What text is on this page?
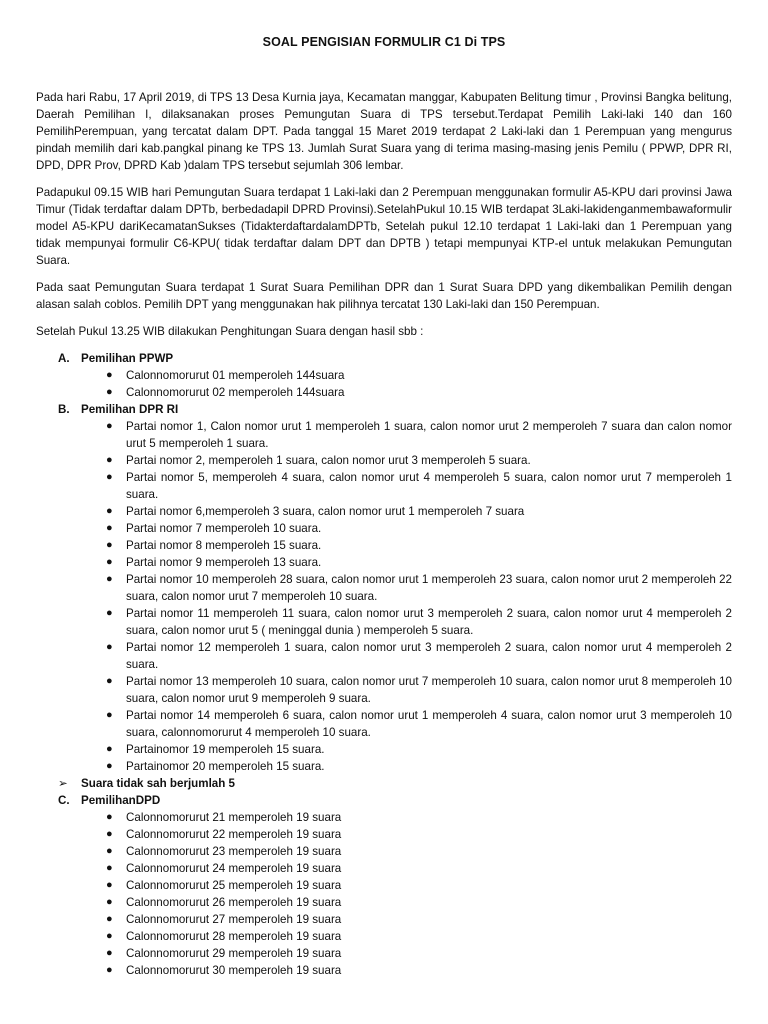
SOAL PENGISIAN FORMULIR C1 Di TPS

Pada hari Rabu, 17 April 2019, di TPS 13 Desa Kurnia jaya, Kecamatan manggar, Kabupaten Belitung timur , Provinsi Bangka belitung, Daerah Pemilihan I, dilaksanakan proses Pemungutan Suara di TPS tersebut.Terdapat Pemilih Laki-laki 140 dan 160 PemilihPerempuan, yang tercatat dalam DPT. Pada tanggal 15 Maret 2019 terdapat 2 Laki-laki dan 1 Perempuan yang mengurus pindah memilih dari kab.pangkal pinang ke TPS 13. Jumlah Surat Suara yang di terima masing-masing jenis Pemilu ( PPWP, DPR RI, DPD, DPR Prov, DPRD Kab )dalam TPS tersebut sejumlah 306 lembar.

Padapukul 09.15 WIB hari Pemungutan Suara terdapat 1 Laki-laki dan 2 Perempuan menggunakan formulir A5-KPU dari provinsi Jawa Timur (Tidak terdaftar dalam DPTb, berbedadapil DPRD Provinsi).SetelahPukul 10.15 WIB terdapat 3Laki-lakidenganmembawaformulir model A5-KPU dariKecamatanSukses (TidakterdaftardalamDPTb, Setelah pukul 12.10 terdapat 1 Laki-laki dan 1 Perempuan yang tidak mempunyai formulir C6-KPU( tidak terdaftar dalam DPT dan DPTB ) tetapi mempunyai KTP-el untuk melakukan Pemungutan Suara.

Pada saat Pemungutan Suara terdapat 1 Surat Suara Pemilihan DPR dan 1 Surat Suara DPD yang dikembalikan Pemilih dengan alasan salah coblos. Pemilih DPT yang menggunakan hak pilihnya tercatat 130 Laki-laki dan 150 Perempuan.

Setelah Pukul 13.25 WIB dilakukan Penghitungan Suara dengan hasil sbb :

A. Pemilihan PPWP
● Calonnomorurut 01 memperoleh 144suara
● Calonnomorurut 02 memperoleh 144suara
B. Pemilihan DPR RI
● Partai nomor 1, Calon nomor urut 1 memperoleh 1 suara, calon nomor urut 2 memperoleh 7 suara dan calon nomor urut 5 memperoleh 1 suara.
● Partai nomor 2, memperoleh 1 suara, calon nomor urut 3 memperoleh 5 suara.
● Partai nomor 5, memperoleh 4 suara, calon nomor urut 4 memperoleh 5 suara, calon nomor urut 7 memperoleh 1 suara.
● Partai nomor 6,memperoleh 3 suara, calon nomor urut 1 memperoleh 7 suara
● Partai nomor 7 memperoleh 10 suara.
● Partai nomor 8 memperoleh 15 suara.
● Partai nomor 9 memperoleh 13 suara.
● Partai nomor 10 memperoleh 28 suara, calon nomor urut 1 memperoleh 23 suara, calon nomor urut 2 memperoleh 22 suara, calon nomor urut 7 memperoleh 10 suara.
● Partai nomor 11 memperoleh 11 suara, calon nomor urut 3 memperoleh 2 suara, calon nomor urut 4 memperoleh 2 suara, calon nomor urut 5 ( meninggal dunia ) memperoleh 5 suara.
● Partai nomor 12 memperoleh 1 suara, calon nomor urut 3 memperoleh 2 suara, calon nomor urut 4 memperoleh 2 suara.
● Partai nomor 13 memperoleh 10 suara, calon nomor urut 7 memperoleh 10 suara, calon nomor urut 8 memperoleh 10 suara, calon nomor urut 9 memperoleh 9 suara.
● Partai nomor 14 memperoleh 6 suara, calon nomor urut 1 memperoleh 4 suara, calon nomor urut 3 memperoleh 10 suara, calonnomorurut 4 memperoleh 10 suara.
● Partainomor 19 memperoleh 15 suara.
● Partainomor 20 memperoleh 15 suara.
➢ Suara tidak sah berjumlah 5
C. PemilihanDPD
● Calonnomorurut 21 memperoleh 19 suara
● Calonnomorurut 22 memperoleh 19 suara
● Calonnomorurut 23 memperoleh 19 suara
● Calonnomorurut 24 memperoleh 19 suara
● Calonnomorurut 25 memperoleh 19 suara
● Calonnomorurut 26 memperoleh 19 suara
● Calonnomorurut 27 memperoleh 19 suara
● Calonnomorurut 28 memperoleh 19 suara
● Calonnomorurut 29 memperoleh 19 suara
● Calonnomorurut 30 memperoleh 19 suara
